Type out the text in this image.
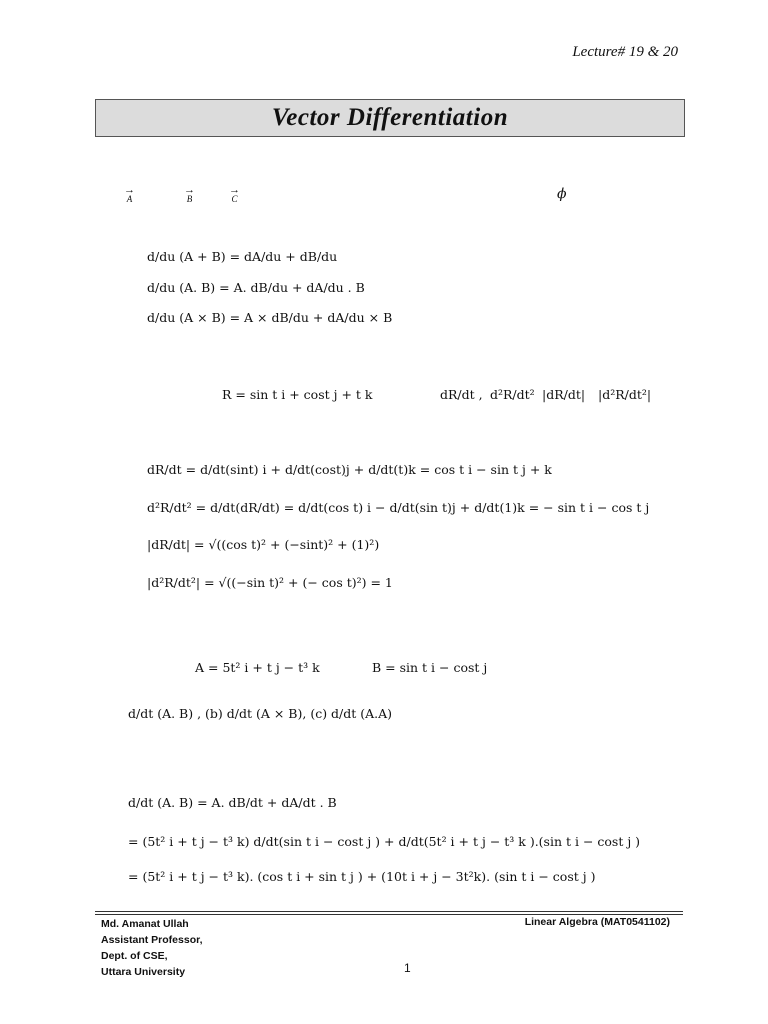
Lecture# 19 & 20
Vector Differentiation
→
A
→
B
→
C	ϕ
d/du (A + B) = dA/du + dB/du
d/du (A. B) = A. dB/du + dA/du . B
d/du (A × B) = A × dB/du + dA/du × B
R = sin t i + cost j + t k	dR/dt , d²R/dt² |dR/dt| |d²R/dt²|
dR/dt = d/dt(sint) i + d/dt(cost)j + d/dt(t)k = cos t i − sin t j + k
d²R/dt² = d/dt(dR/dt) = d/dt(cos t) i − d/dt(sin t)j + d/dt(1)k = − sin t i − cos t j
|dR/dt| = √((cos t)² + (−sint)² + (1)²)
|d²R/dt²| = √((−sin t)² + (− cos t)²) = 1
A = 5t² i + t j − t³ k	B = sin t i − cost j
d/dt (A. B) , (b) d/dt (A × B), (c) d/dt (A.A)
d/dt (A. B) = A. dB/dt + dA/dt . B
= (5t² i + t j − t³ k) d/dt(sin t i − cost j ) + d/dt(5t² i + t j − t³ k ).(sin t i − cost j )
= (5t² i + t j − t³ k). (cos t i + sin t j ) + (10t i + j − 3t²k). (sin t i − cost j )
Md. Amanat Ullah
Assistant Professor,
Dept. of CSE,
Uttara University
Linear Algebra (MAT0541102)
1
